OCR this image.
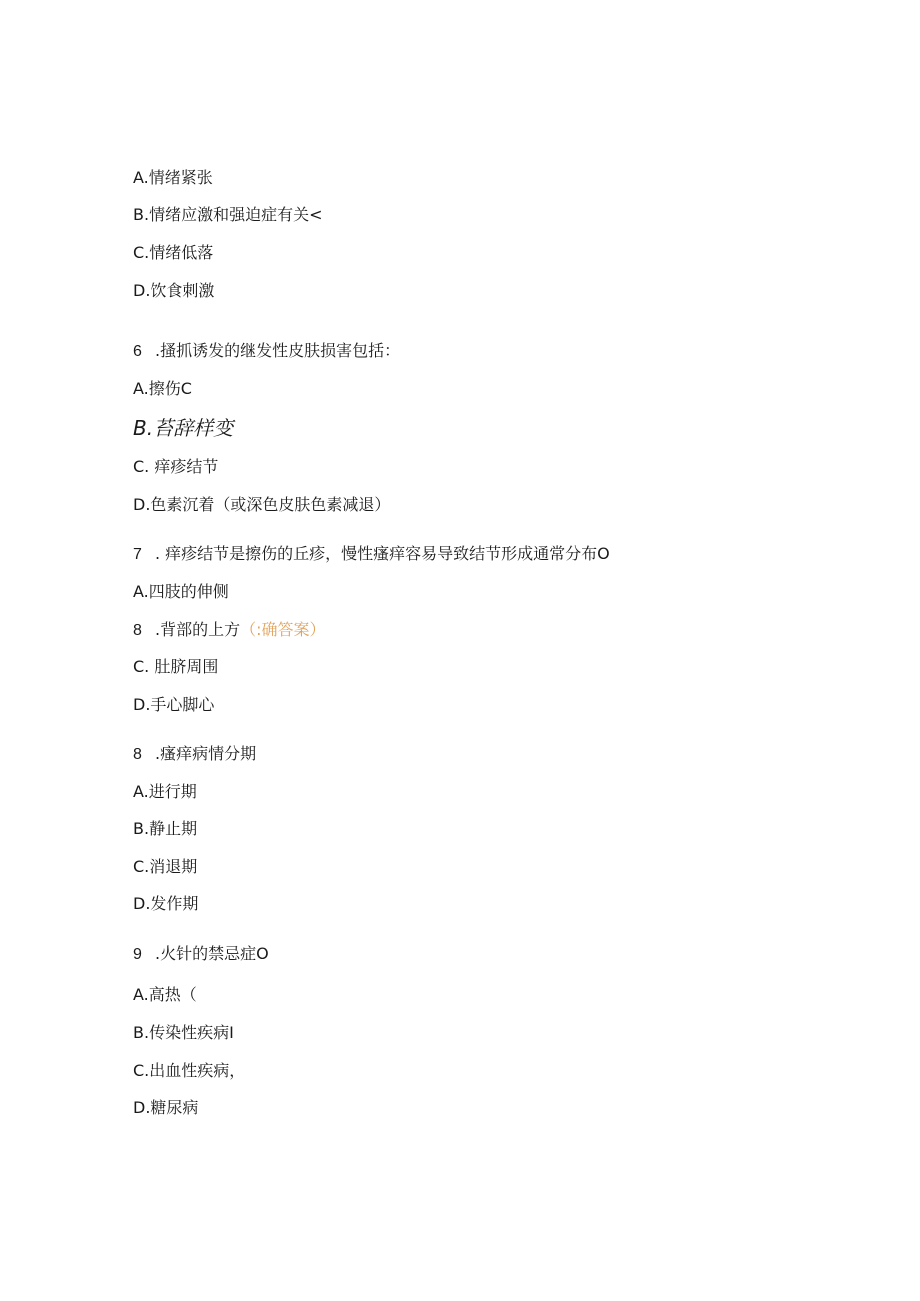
A.情绪紧张
B.情绪应激和强迫症有关<
C.情绪低落
D.饮食刺激
6 .搔抓诱发的继发性皮肤损害包括：
A.擦伤C
B.苔辞样变
C. 痒疹结节
D.色素沉着（或深色皮肤色素减退）
7 . 痒疹结节是擦伤的丘疹，慢性瘙痒容易导致结节形成通常分布O
A.四肢的伸侧
8 .背部的上方（:确答案）
C. 肚脐周围
D.手心脚心
8 .瘙痒病情分期
A.进行期
B.静止期
C.消退期
D.发作期
9 .火针的禁忌症O
A.高热（
B.传染性疾病I
C.出血性疾病，
D.糖尿病
